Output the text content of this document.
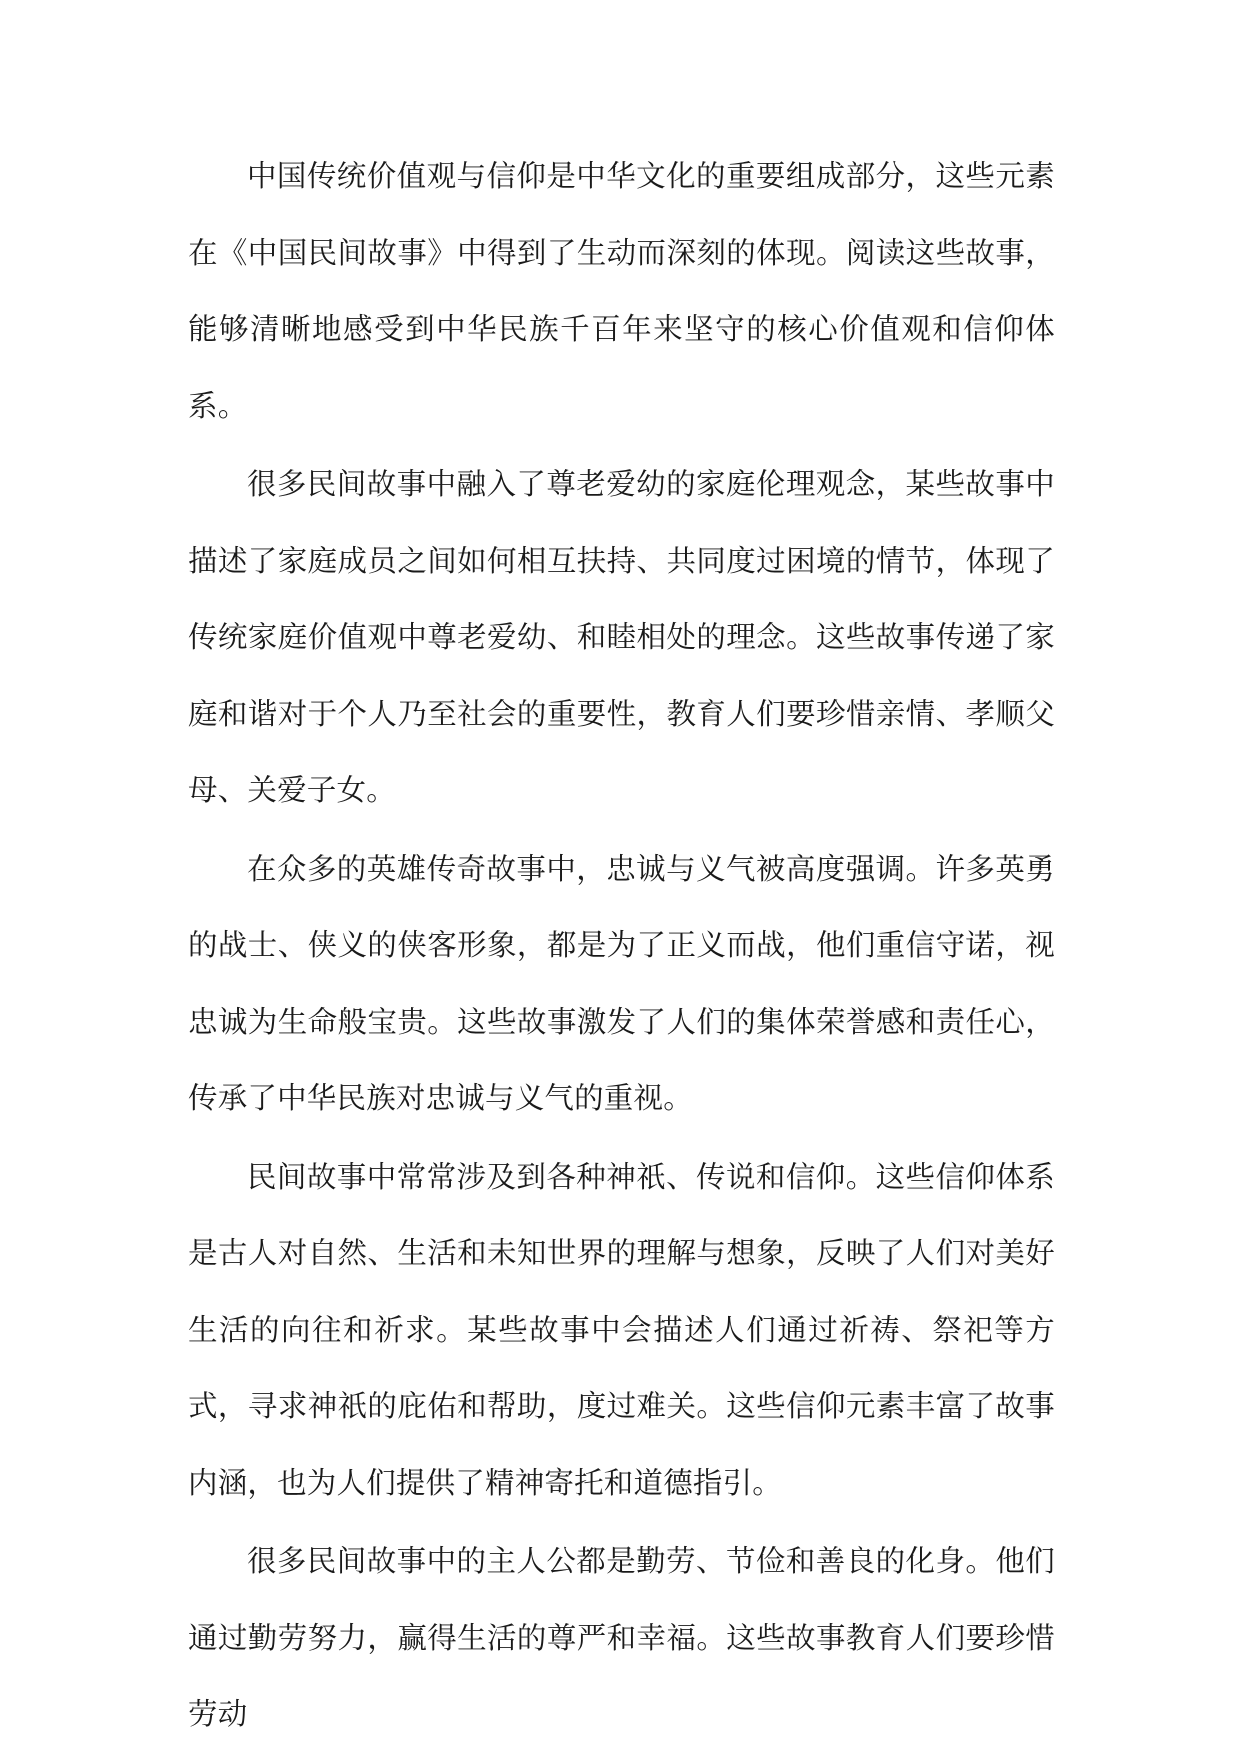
中国传统价值观与信仰是中华文化的重要组成部分，这些元素在《中国民间故事》中得到了生动而深刻的体现。阅读这些故事，能够清晰地感受到中华民族千百年来坚守的核心价值观和信仰体系。

很多民间故事中融入了尊老爱幼的家庭伦理观念，某些故事中描述了家庭成员之间如何相互扶持、共同度过困境的情节，体现了传统家庭价值观中尊老爱幼、和睦相处的理念。这些故事传递了家庭和谐对于个人乃至社会的重要性，教育人们要珍惜亲情、孝顺父母、关爱子女。

在众多的英雄传奇故事中，忠诚与义气被高度强调。许多英勇的战士、侠义的侠客形象，都是为了正义而战，他们重信守诺，视忠诚为生命般宝贵。这些故事激发了人们的集体荣誉感和责任心，传承了中华民族对忠诚与义气的重视。

民间故事中常常涉及到各种神祇、传说和信仰。这些信仰体系是古人对自然、生活和未知世界的理解与想象，反映了人们对美好生活的向往和祈求。某些故事中会描述人们通过祈祷、祭祀等方式，寻求神祇的庇佑和帮助，度过难关。这些信仰元素丰富了故事内涵，也为人们提供了精神寄托和道德指引。

很多民间故事中的主人公都是勤劳、节俭和善良的化身。他们通过勤劳努力，赢得生活的尊严和幸福。这些故事教育人们要珍惜劳动
